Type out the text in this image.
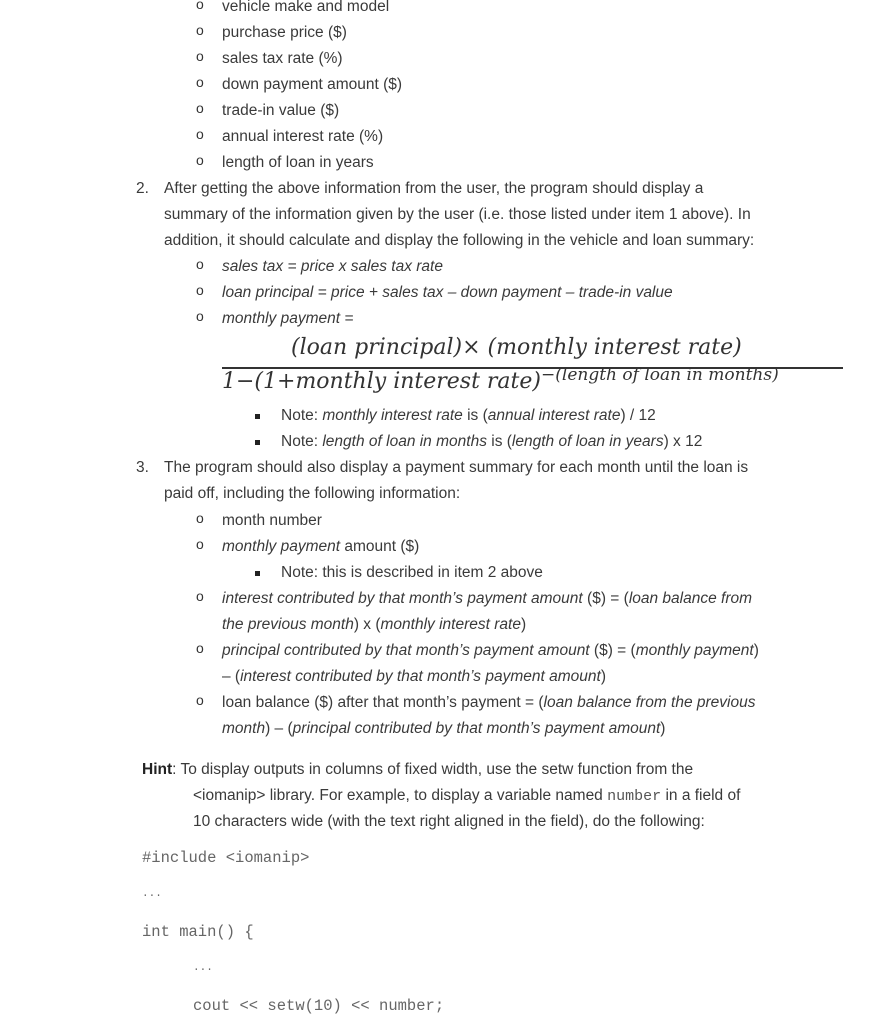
o vehicle make and model
o purchase price ($)
o sales tax rate (%)
o down payment amount ($)
o trade-in value ($)
o annual interest rate (%)
o length of loan in years
2. After getting the above information from the user, the program should display a
summary of the information given by the user (i.e. those listed under item 1 above). In
addition, it should calculate and display the following in the vehicle and loan summary:
o sales tax = price x sales tax rate
o loan principal = price + sales tax – down payment – trade-in value
o monthly payment =
(loan principal)× (monthly interest rate)
1−(1+monthly interest rate)$^{-(length of loan in months)}$
Note: monthly interest rate is (annual interest rate) / 12
Note: length of loan in months is (length of loan in years) x 12
3. The program should also display a payment summary for each month until the loan is
paid off, including the following information:
o month number
o monthly payment amount ($)
Note: this is described in item 2 above
o interest contributed by that month’s payment amount ($) = (loan balance from
the previous month) x (monthly interest rate)
o principal contributed by that month’s payment amount ($) = (monthly payment)
– (interest contributed by that month’s payment amount)
o loan balance ($) after that month’s payment = (loan balance from the previous
month) – (principal contributed by that month’s payment amount)
Hint: To display outputs in columns of fixed width, use the setw function from the
<iomanip> library. For example, to display a variable named number in a field of
10 characters wide (with the text right aligned in the field), do the following:
#include <iomanip>
...
int main() {
...
cout << setw(10) << number;
